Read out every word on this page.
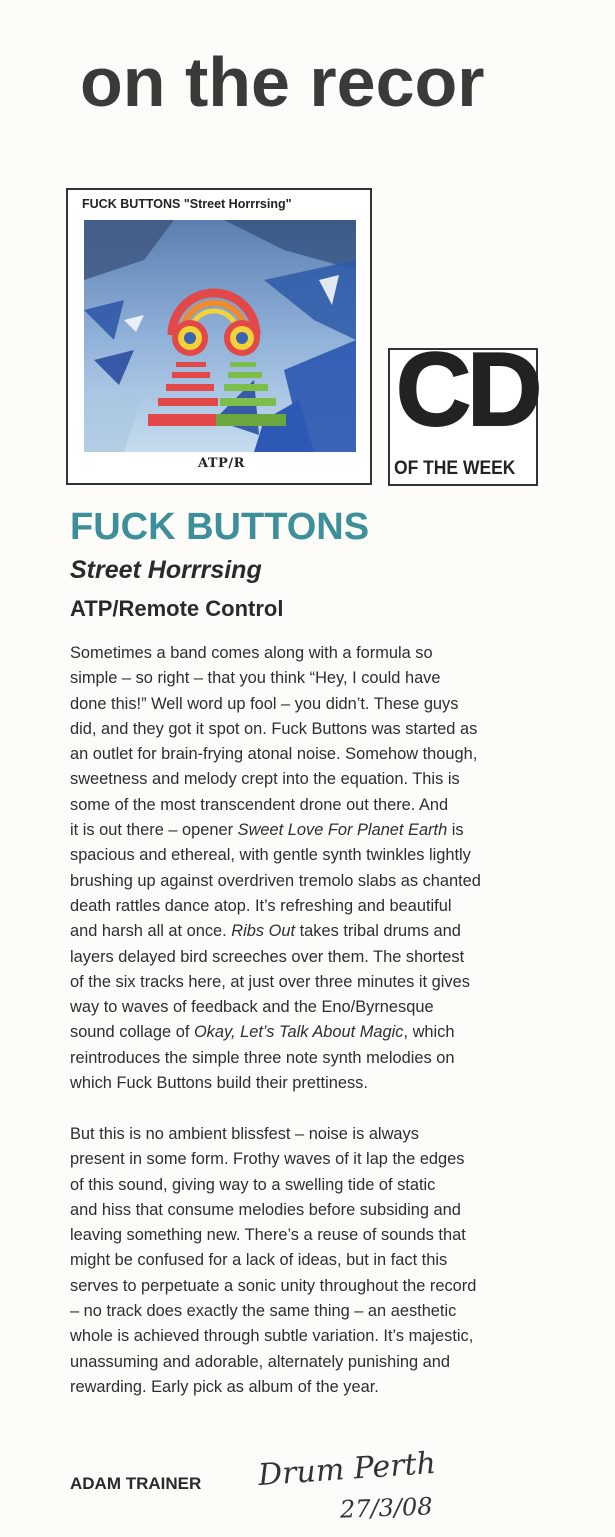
on the recor
FUCK BUTTONS "Street Horrrsing"
ATP/R
CD
OF THE WEEK
FUCK BUTTONS
Street Horrrsing
ATP/Remote Control
Sometimes a band comes along with a formula so
simple – so right – that you think “Hey, I could have
done this!” Well word up fool – you didn’t. These guys
did, and they got it spot on. Fuck Buttons was started as
an outlet for brain-frying atonal noise. Somehow though,
sweetness and melody crept into the equation. This is
some of the most transcendent drone out there. And
it is out there – opener Sweet Love For Planet Earth is
spacious and ethereal, with gentle synth twinkles lightly
brushing up against overdriven tremolo slabs as chanted
death rattles dance atop. It’s refreshing and beautiful
and harsh all at once. Ribs Out takes tribal drums and
layers delayed bird screeches over them. The shortest
of the six tracks here, at just over three minutes it gives
way to waves of feedback and the Eno/Byrnesque
sound collage of Okay, Let’s Talk About Magic, which
reintroduces the simple three note synth melodies on
which Fuck Buttons build their prettiness.
But this is no ambient blissfest – noise is always
present in some form. Frothy waves of it lap the edges
of this sound, giving way to a swelling tide of static
and hiss that consume melodies before subsiding and
leaving something new. There’s a reuse of sounds that
might be confused for a lack of ideas, but in fact this
serves to perpetuate a sonic unity throughout the record
– no track does exactly the same thing – an aesthetic
whole is achieved through subtle variation. It’s majestic,
unassuming and adorable, alternately punishing and
rewarding. Early pick as album of the year.
ADAM TRAINER Drum Perth
27/3/08
